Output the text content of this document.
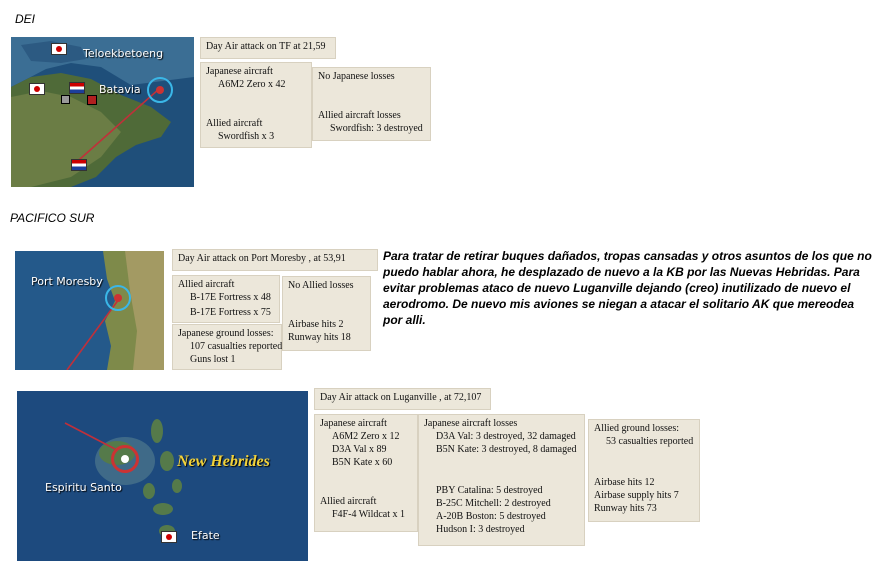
DEI
PACIFICO SUR
Teloekbetoeng
Batavia
Day Air attack on TF at 21,59
Japanese aircraft
A6M2 Zero x 42
Allied aircraft
Swordfish x 3
No Japanese losses
Allied aircraft losses
Swordfish: 3 destroyed
Port Moresby
Day Air attack on Port Moresby , at 53,91
Allied aircraft
B-17E Fortress x 48
B-17E Fortress x 75
Japanese ground losses:
107 casualties reported
Guns lost 1
No Allied losses
Airbase hits 2
Runway hits 18
Para tratar de retirar buques dañados, tropas cansadas y otros asuntos de los que no puedo hablar ahora, he desplazado de nuevo a la KB por las Nuevas Hebridas. Para evitar problemas ataco de nuevo Luganville dejando (creo) inutilizado de nuevo el aerodromo. De nuevo mis aviones se niegan a atacar el solitario AK que mereodea por alli.
New Hebrides
Espiritu Santo
Efate
Day Air attack on Luganville , at 72,107
Japanese aircraft
A6M2 Zero x 12
D3A Val x 89
B5N Kate x 60
Allied aircraft
F4F-4 Wildcat x 1
Japanese aircraft losses
D3A Val: 3 destroyed, 32 damaged
B5N Kate: 3 destroyed, 8 damaged
PBY Catalina: 5 destroyed
B-25C Mitchell: 2 destroyed
A-20B Boston: 5 destroyed
Hudson I: 3 destroyed
Allied ground losses:
53 casualties reported
Airbase hits 12
Airbase supply hits 7
Runway hits 73
